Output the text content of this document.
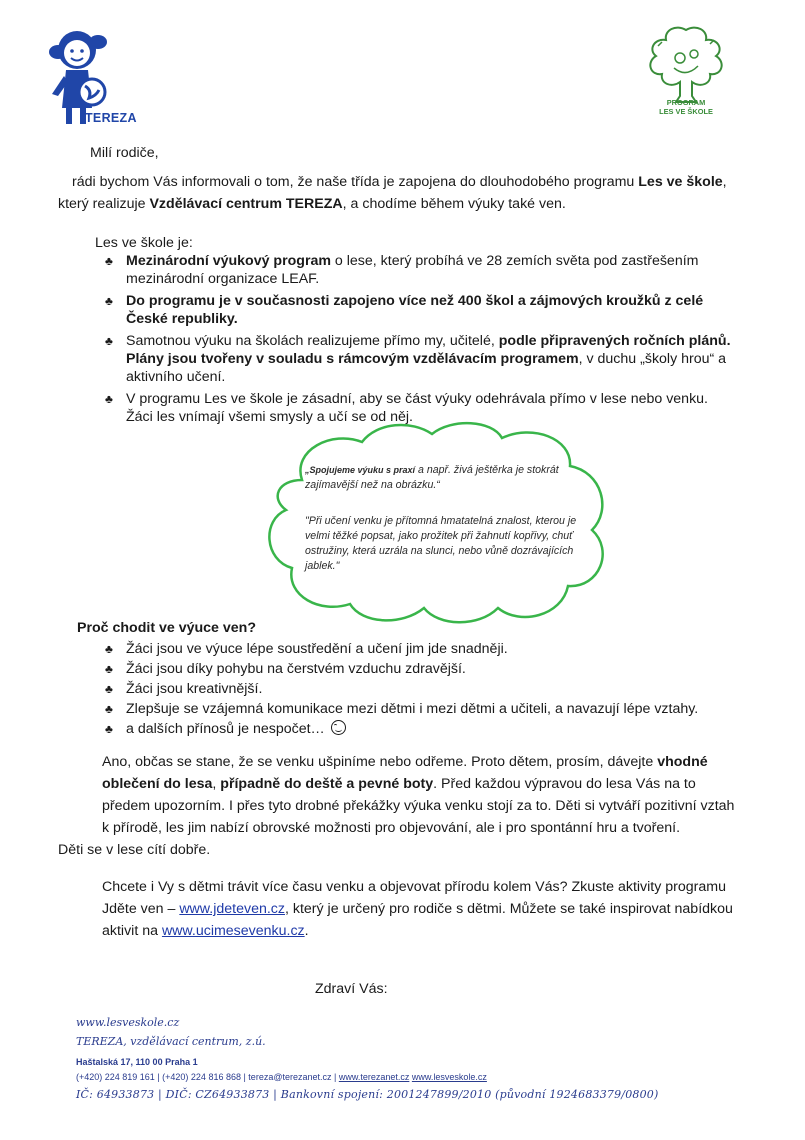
TEREZA
PROGRAM
LES VE ŠKOLE
Milí rodiče,

rádi bychom Vás informovali o tom, že naše třída je zapojena do dlouhodobého programu Les ve škole,

který realizuje Vzdělávací centrum TEREZA, a chodíme během výuky také ven.

Les ve škole je:
♣ Mezinárodní výukový program o lese, který probíhá ve 28 zemích světa pod zastřešením mezinárodní organizace LEAF.
♣ Do programu je v současnosti zapojeno více než 400 škol a zájmových kroužků z celé České republiky.
♣ Samotnou výuku na školách realizujeme přímo my, učitelé, podle připravených ročních plánů. Plány jsou tvořeny v souladu s rámcovým vzdělávacím programem, v duchu „školy hrou“ a aktivního učení.
♣ V programu Les ve škole je zásadní, aby se část výuky odehrávala přímo v lese nebo venku. Žáci les vnímají všemi smysly a učí se od něj.
„Spojujeme výuku s praxí a např. živá ještěrka je stokrát zajímavější než na obrázku.“
"Při učení venku je přítomná hmatatelná znalost, kterou je velmi těžké popsat, jako prožitek při žahnutí kopřivy, chuť ostružiny, která uzrála na slunci, nebo vůně dozrávajících jablek."
Proč chodit ve výuce ven?
♣ Žáci jsou ve výuce lépe soustředění a učení jim jde snadněji.
♣ Žáci jsou díky pohybu na čerstvém vzduchu zdravější.
♣ Žáci jsou kreativnější.
♣ Zlepšuje se vzájemná komunikace mezi dětmi i mezi dětmi a učiteli, a navazují lépe vztahy.
♣ a dalších přínosů je nespočet…

Ano, občas se stane, že se venku ušpiníme nebo odřeme. Proto dětem, prosím, dávejte vhodné oblečení do lesa, případně do deště a pevné boty. Před každou výpravou do lesa Vás na to předem upozorním. I přes tyto drobné překážky výuka venku stojí za to. Děti si vytváří pozitivní vztah k přírodě, les jim nabízí obrovské možnosti pro objevování, ale i pro spontánní hru a tvoření.

Děti se v lese cítí dobře.

Chcete i Vy s dětmi trávit více času venku a objevovat přírodu kolem Vás? Zkuste aktivity programu Jděte ven – www.jdeteven.cz, který je určený pro rodiče s dětmi. Můžete se také inspirovat nabídkou aktivit na www.ucimesevenku.cz.

Zdraví Vás:
www.lesveskole.cz
TEREZA, vzdělávací centrum, z.ú.
Haštalská 17, 110 00 Praha 1
(+420) 224 819 161 | (+420) 224 816 868 | tereza@terezanet.cz | www.terezanet.cz www.lesveskole.cz
IČ: 64933873 | DIČ: CZ64933873 | Bankovní spojení: 2001247899/2010 (původní 1924683379/0800)
